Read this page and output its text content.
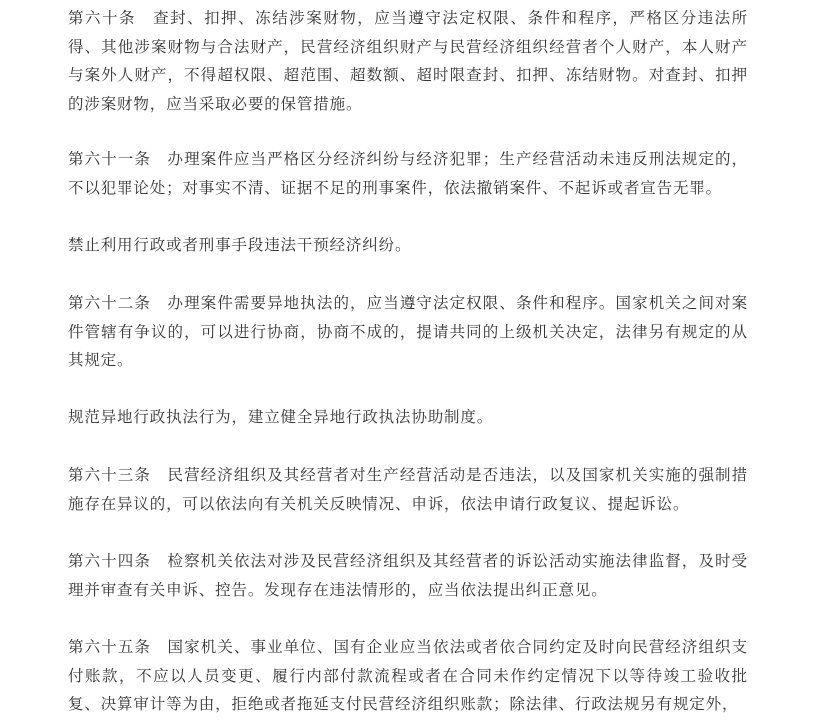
第六十条　查封、扣押、冻结涉案财物，应当遵守法定权限、条件和程序，严格区分违法所得、其他涉案财物与合法财产，民营经济组织财产与民营经济组织经营者个人财产，本人财产与案外人财产，不得超权限、超范围、超数额、超时限查封、扣押、冻结财物。对查封、扣押的涉案财物，应当采取必要的保管措施。

第六十一条　办理案件应当严格区分经济纠纷与经济犯罪；生产经营活动未违反刑法规定的，不以犯罪论处；对事实不清、证据不足的刑事案件，依法撤销案件、不起诉或者宣告无罪。

禁止利用行政或者刑事手段违法干预经济纠纷。

第六十二条　办理案件需要异地执法的，应当遵守法定权限、条件和程序。国家机关之间对案件管辖有争议的，可以进行协商，协商不成的，提请共同的上级机关决定，法律另有规定的从其规定。

规范异地行政执法行为，建立健全异地行政执法协助制度。

第六十三条　民营经济组织及其经营者对生产经营活动是否违法，以及国家机关实施的强制措施存在异议的，可以依法向有关机关反映情况、申诉，依法申请行政复议、提起诉讼。

第六十四条　检察机关依法对涉及民营经济组织及其经营者的诉讼活动实施法律监督，及时受理并审查有关申诉、控告。发现存在违法情形的，应当依法提出纠正意见。

第六十五条　国家机关、事业单位、国有企业应当依法或者依合同约定及时向民营经济组织支付账款，不应以人员变更、履行内部付款流程或者在合同未作约定情况下以等待竣工验收批复、决算审计等为由，拒绝或者拖延支付民营经济组织账款；除法律、行政法规另有规定外，
